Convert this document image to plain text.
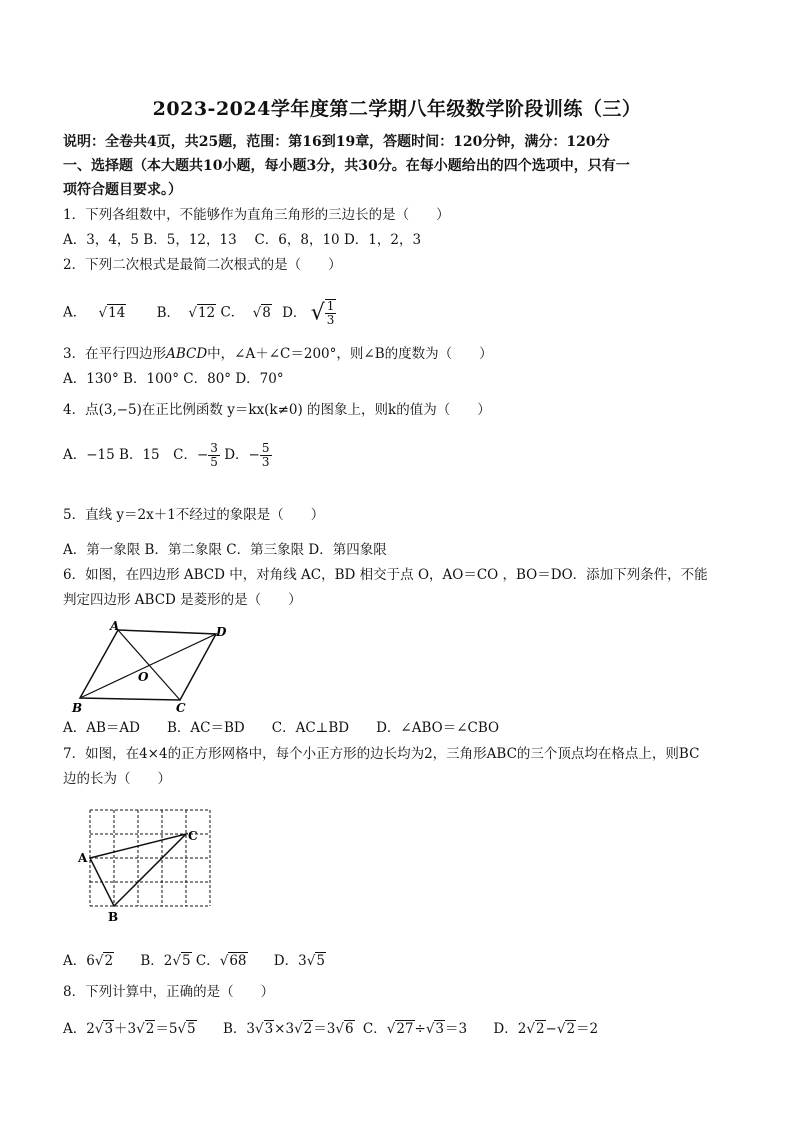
2023-2024学年度第二学期八年级数学阶段训练（三）
说明：全卷共4页，共25题，范围：第16到19章，答题时间：120分钟，满分：120分
一、选择题（本大题共10小题，每小题3分，共30分。在每小题给出的四个选项中，只有一
项符合题目要求。）
1．下列各组数中，不能够作为直角三角形的三边长的是（　　）
A．3，4，5 B．5，12，13　 C．6，8，10 D．1，2，3
2．下列二次根式是最简二次根式的是（　　）
A． √14 B． √12 C． √8 D． √ $\frac{1}{3}$
3．在平行四边形ABCD中，∠A＋∠C＝200°，则∠B的度数为（　　）
A．130° B．100° C．80° D．70°
4．点(3,−5)在正比例函数 y＝kx(k≠0) 的图象上，则k的值为（　　）
A．−15 B．15　C．− $\frac{3}{5}$ D．− $\frac{5}{3}$
5．直线 y＝2x＋1不经过的象限是（　　）
A．第一象限 B．第二象限 C．第三象限 D．第四象限
6．如图，在四边形 ABCD 中，对角线 AC，BD 相交于点 O，AO＝CO ，BO＝DO．添加下列条件，不能
判定四边形 ABCD 是菱形的是（　　）
A	D
O
B	C
A．AB＝AD　　B．AC＝BD　　C．AC⊥BD　　D．∠ABO＝∠CBO
7．如图，在4×4的正方形网格中，每个小正方形的边长均为2，三角形ABC的三个顶点均在格点上，则BC
边的长为（　　）
A
C
B
A．6√2 B．2√5 C．√68 D．3√5
8．下列计算中，正确的是（　　）
A．2√3＋3√2＝5√5 B．3√3×3√2＝3√6 C．√27÷√3＝3 D．2√2−√2＝2
